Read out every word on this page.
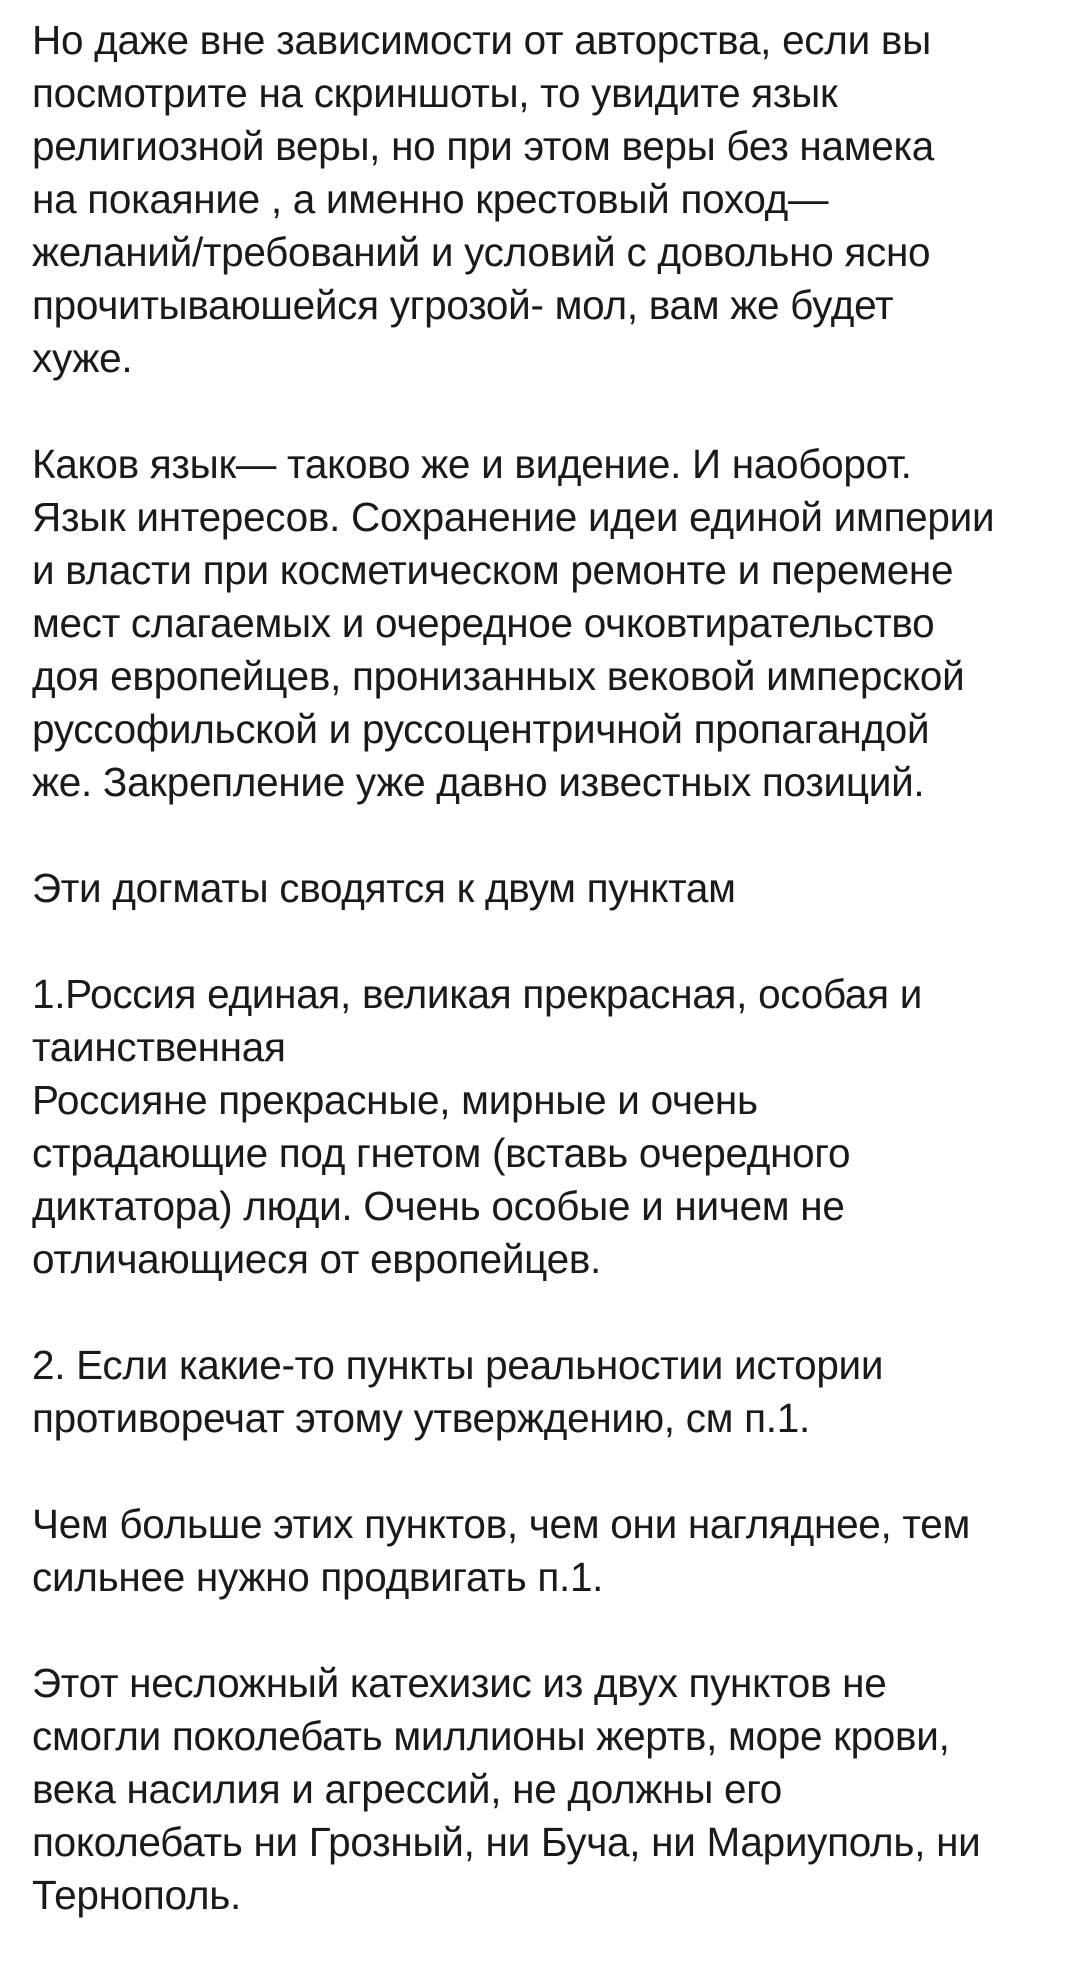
Но даже вне зависимости от авторства, если вы
посмотрите на скриншоты, то увидите язык
религиозной веры, но при этом веры без намека
на покаяние , а именно крестовый поход—
желаний/требований и условий с довольно ясно
прочитываюшейся угрозой- мол, вам же будет
хуже.

Каков язык— таково же и видение. И наоборот.
Язык интересов. Сохранение идеи единой империи
и власти при косметическом ремонте и перемене
мест слагаемых и очередное очковтирательство
доя европейцев, пронизанных вековой имперской
руссофильской и руссоцентричной пропагандой
же. Закрепление уже давно известных позиций.

Эти догматы сводятся к двум пунктам

1.Россия единая, великая прекрасная, особая и
таинственная
Россияне прекрасные, мирные и очень
страдающие под гнетом (вставь очередного
диктатора) люди. Очень особые и ничем не
отличающиеся от европейцев.

2. Если какие-то пункты реальностии истории
противоречат этому утверждению, см п.1.

Чем больше этих пунктов, чем они нагляднее, тем
сильнее нужно продвигать п.1.

Этот несложный катехизис из двух пунктов не
смогли поколебать миллионы жертв, море крови,
века насилия и агрессий, не должны его
поколебать ни Грозный, ни Буча, ни Мариуполь, ни
Тернополь.
